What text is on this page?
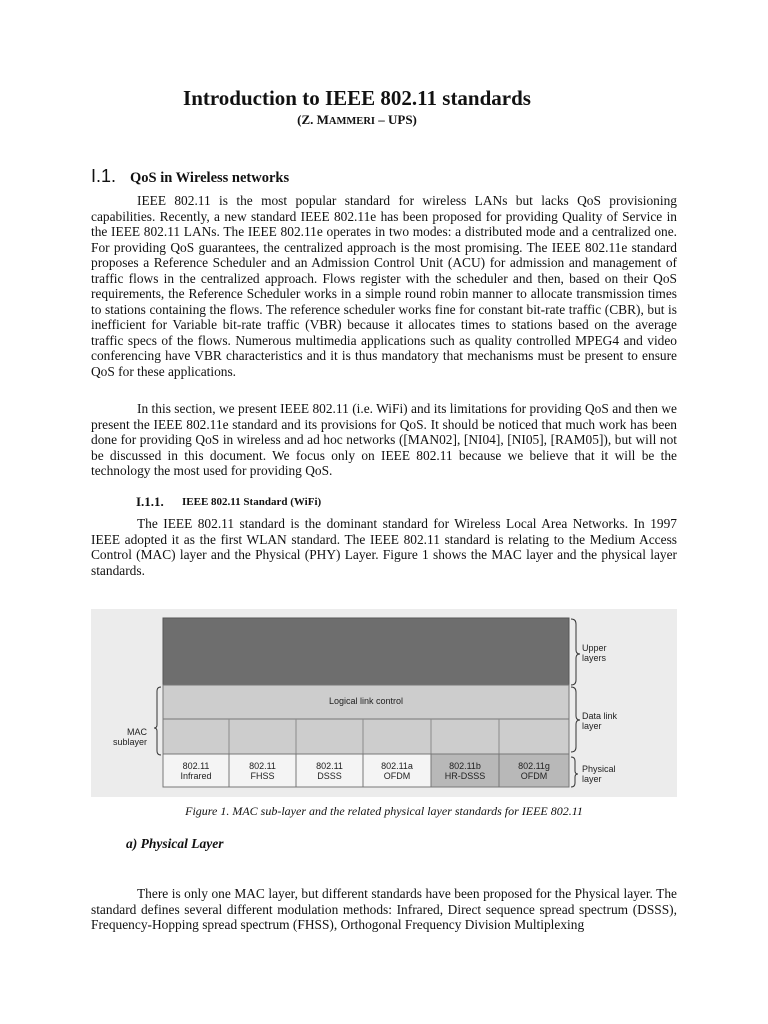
Introduction to IEEE 802.11 standards
(Z. MAMMERI – UPS)
I.1. QoS in Wireless networks

IEEE 802.11 is the most popular standard for wireless LANs but lacks QoS provisioning capabilities. Recently, a new standard IEEE 802.11e has been proposed for providing Quality of Service in the IEEE 802.11 LANs. The IEEE 802.11e operates in two modes: a distributed mode and a centralized one. For providing QoS guarantees, the centralized approach is the most promising. The IEEE 802.11e standard proposes a Reference Scheduler and an Admission Control Unit (ACU) for admission and management of traffic flows in the centralized approach. Flows register with the scheduler and then, based on their QoS requirements, the Reference Scheduler works in a simple round robin manner to allocate transmission times to stations containing the flows. The reference scheduler works fine for constant bit-rate traffic (CBR), but is inefficient for Variable bit-rate traffic (VBR) because it allocates times to stations based on the average traffic specs of the flows. Numerous multimedia applications such as quality controlled MPEG4 and video conferencing have VBR characteristics and it is thus mandatory that mechanisms must be present to ensure QoS for these applications.

In this section, we present IEEE 802.11 (i.e. WiFi) and its limitations for providing QoS and then we present the IEEE 802.11e standard and its provisions for QoS. It should be noticed that much work has been done for providing QoS in wireless and ad hoc networks ([MAN02], [NI04], [NI05], [RAM05]), but will not be discussed in this document. We focus only on IEEE 802.11 because we believe that it will be the technology the most used for providing QoS.

I.1.1. IEEE 802.11 Standard (WiFi)

The IEEE 802.11 standard is the dominant standard for Wireless Local Area Networks. In 1997 IEEE adopted it as the first WLAN standard. The IEEE 802.11 standard is relating to the Medium Access Control (MAC) layer and the Physical (PHY) Layer. Figure 1 shows the MAC layer and the physical layer standards.

Upper
layers
Data link
layer
Physical
layer
MAC
sublayer
Logical link control
802.11
Infrared
802.11
FHSS
802.11
DSSS
802.11a
OFDM
802.11b
HR-DSSS
802.11g
OFDM
Figure 1. MAC sub-layer and the related physical layer standards for IEEE 802.11
a) Physical Layer

There is only one MAC layer, but different standards have been proposed for the Physical layer. The standard defines several different modulation methods: Infrared, Direct sequence spread spectrum (DSSS), Frequency-Hopping spread spectrum (FHSS), Orthogonal Frequency Division Multiplexing
